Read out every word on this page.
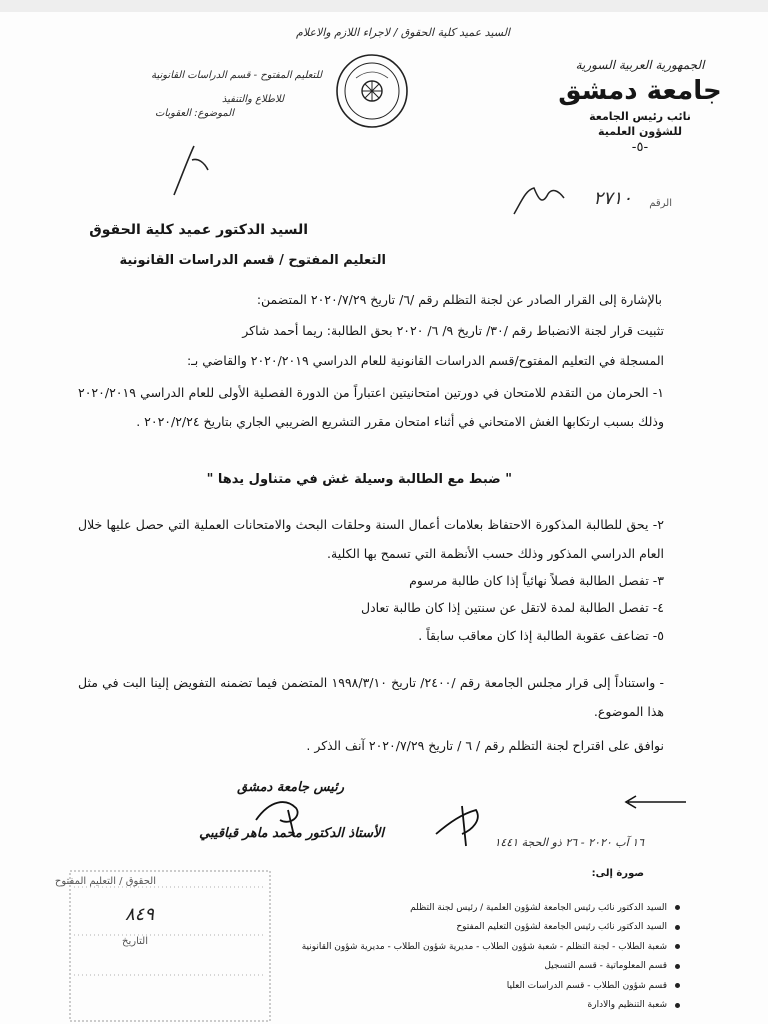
السيد عميد كلية الحقوق / لاجراء اللازم والاعلام
للتعليم المفتوح - قسم الدراسات القانونية
للاطلاع والتنفيذ
الموضوع: العقوبات
الجمهورية العربية السورية
جامعة دمشق
نائب رئيس الجامعة
للشؤون العلمية
-٥-
الرقم
٢٧١٠
السيد الدكتور عميد كلية الحقوق
التعليم المفتوح / قسم الدراسات القانونية
بالإشارة إلى القرار الصادر عن لجنة التظلم رقم /٦/ تاريخ ٢٠٢٠/٧/٢٩ المتضمن:
تثبيت قرار لجنة الانضباط رقم /٣٠/ تاريخ ٩/ ٦/ ٢٠٢٠ بحق الطالبة: ريما أحمد شاكر
المسجلة في التعليم المفتوح/قسم الدراسات القانونية للعام الدراسي ٢٠٢٠/٢٠١٩ والقاضي بـ:
١- الحرمان من التقدم للامتحان في دورتين امتحانيتين اعتباراً من الدورة الفصلية الأولى للعام الدراسي ٢٠٢٠/٢٠١٩ وذلك بسبب ارتكابها الغش الامتحاني في أثناء امتحان مقرر التشريع الضريبي الجاري بتاريخ ٢٠٢٠/٢/٢٤ .
" ضبط مع الطالبة وسيلة غش في متناول يدها "
٢- يحق للطالبة المذكورة الاحتفاظ بعلامات أعمال السنة وحلقات البحث والامتحانات العملية التي حصل عليها خلال العام الدراسي المذكور وذلك حسب الأنظمة التي تسمح بها الكلية.
٣- تفصل الطالبة فصلاً نهائياً إذا كان طالبة مرسوم
٤- تفصل الطالبة لمدة لاتقل عن سنتين إذا كان طالبة تعادل
٥- تضاعف عقوبة الطالبة إذا كان معاقب سابقاً .
- واستناداً إلى قرار مجلس الجامعة رقم /٢٤٠٠/ تاريخ ١٩٩٨/٣/١٠ المتضمن فيما تضمنه التفويض إلينا البت في مثل هذا الموضوع.
نوافق على اقتراح لجنة التظلم رقم / ٦ / تاريخ ٢٠٢٠/٧/٢٩ آنف الذكر .
رئيس جامعة دمشق
الأستاذ الدكتور محمد ماهر قباقيبي
١٦ آب ٢٠٢٠ - ٢٦ ذو الحجة ١٤٤١
الحقوق / التعليم المفتوح
٨٤٩
التاريخ
صورة إلى:
السيد الدكتور نائب رئيس الجامعة لشؤون العلمية / رئيس لجنة التظلم
السيد الدكتور نائب رئيس الجامعة لشؤون التعليم المفتوح
شعبة الطلاب - لجنة التظلم - شعبة شؤون الطلاب - مديرية شؤون الطلاب - مديرية شؤون القانونية
قسم المعلوماتية - قسم التسجيل
قسم شؤون الطلاب - قسم الدراسات العليا
شعبة التنظيم والادارة
